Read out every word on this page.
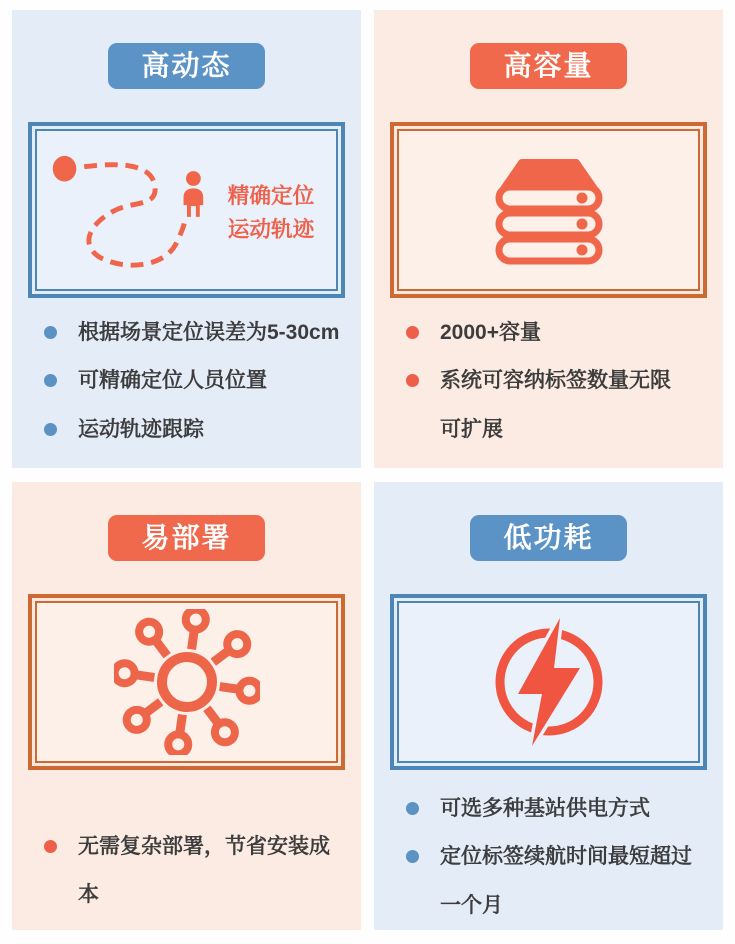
高动态
精确定位
运动轨迹
根据场景定位误差为5-30cm
可精确定位人员位置
运动轨迹跟踪
高容量
2000+容量
系统可容纳标签数量无限可扩展
易部署
无需复杂部署，节省安装成本
低功耗
可选多种基站供电方式
定位标签续航时间最短超过一个月
